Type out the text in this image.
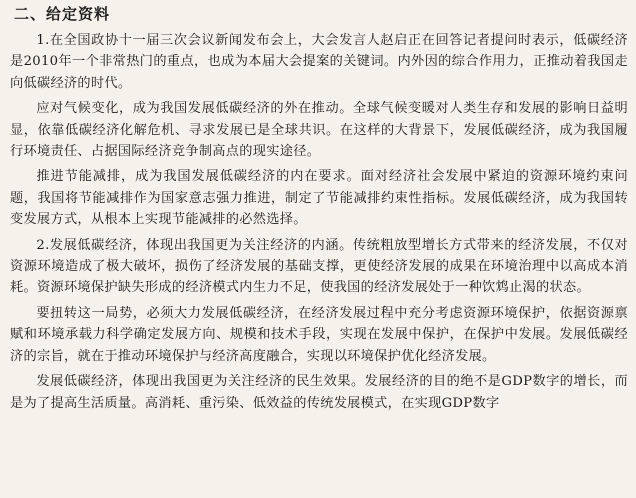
二、给定资料

1.在全国政协十一届三次会议新闻发布会上，大会发言人赵启正在回答记者提问时表示，低碳经济是2010年一个非常热门的重点，也成为本届大会提案的关键词。内外因的综合作用力，正推动着我国走向低碳经济的时代。

应对气候变化，成为我国发展低碳经济的外在推动。全球气候变暖对人类生存和发展的影响日益明显，依靠低碳经济化解危机、寻求发展已是全球共识。在这样的大背景下，发展低碳经济，成为我国履行环境责任、占据国际经济竞争制高点的现实途径。

推进节能减排，成为我国发展低碳经济的内在要求。面对经济社会发展中紧迫的资源环境约束问题，我国将节能减排作为国家意志强力推进，制定了节能减排约束性指标。发展低碳经济，成为我国转变发展方式，从根本上实现节能减排的必然选择。

2.发展低碳经济，体现出我国更为关注经济的内涵。传统粗放型增长方式带来的经济发展，不仅对资源环境造成了极大破坏，损伤了经济发展的基础支撑，更使经济发展的成果在环境治理中以高成本消耗。资源环境保护缺失形成的经济模式内生力不足，使我国的经济发展处于一种饮鸩止渴的状态。

要扭转这一局势，必须大力发展低碳经济，在经济发展过程中充分考虑资源环境保护，依据资源禀赋和环境承载力科学确定发展方向、规模和技术手段，实现在发展中保护，在保护中发展。发展低碳经济的宗旨，就在于推动环境保护与经济高度融合，实现以环境保护优化经济发展。

发展低碳经济，体现出我国更为关注经济的民生效果。发展经济的目的绝不是GDP数字的增长，而是为了提高生活质量。高消耗、重污染、低效益的传统发展模式，在实现GDP数字
